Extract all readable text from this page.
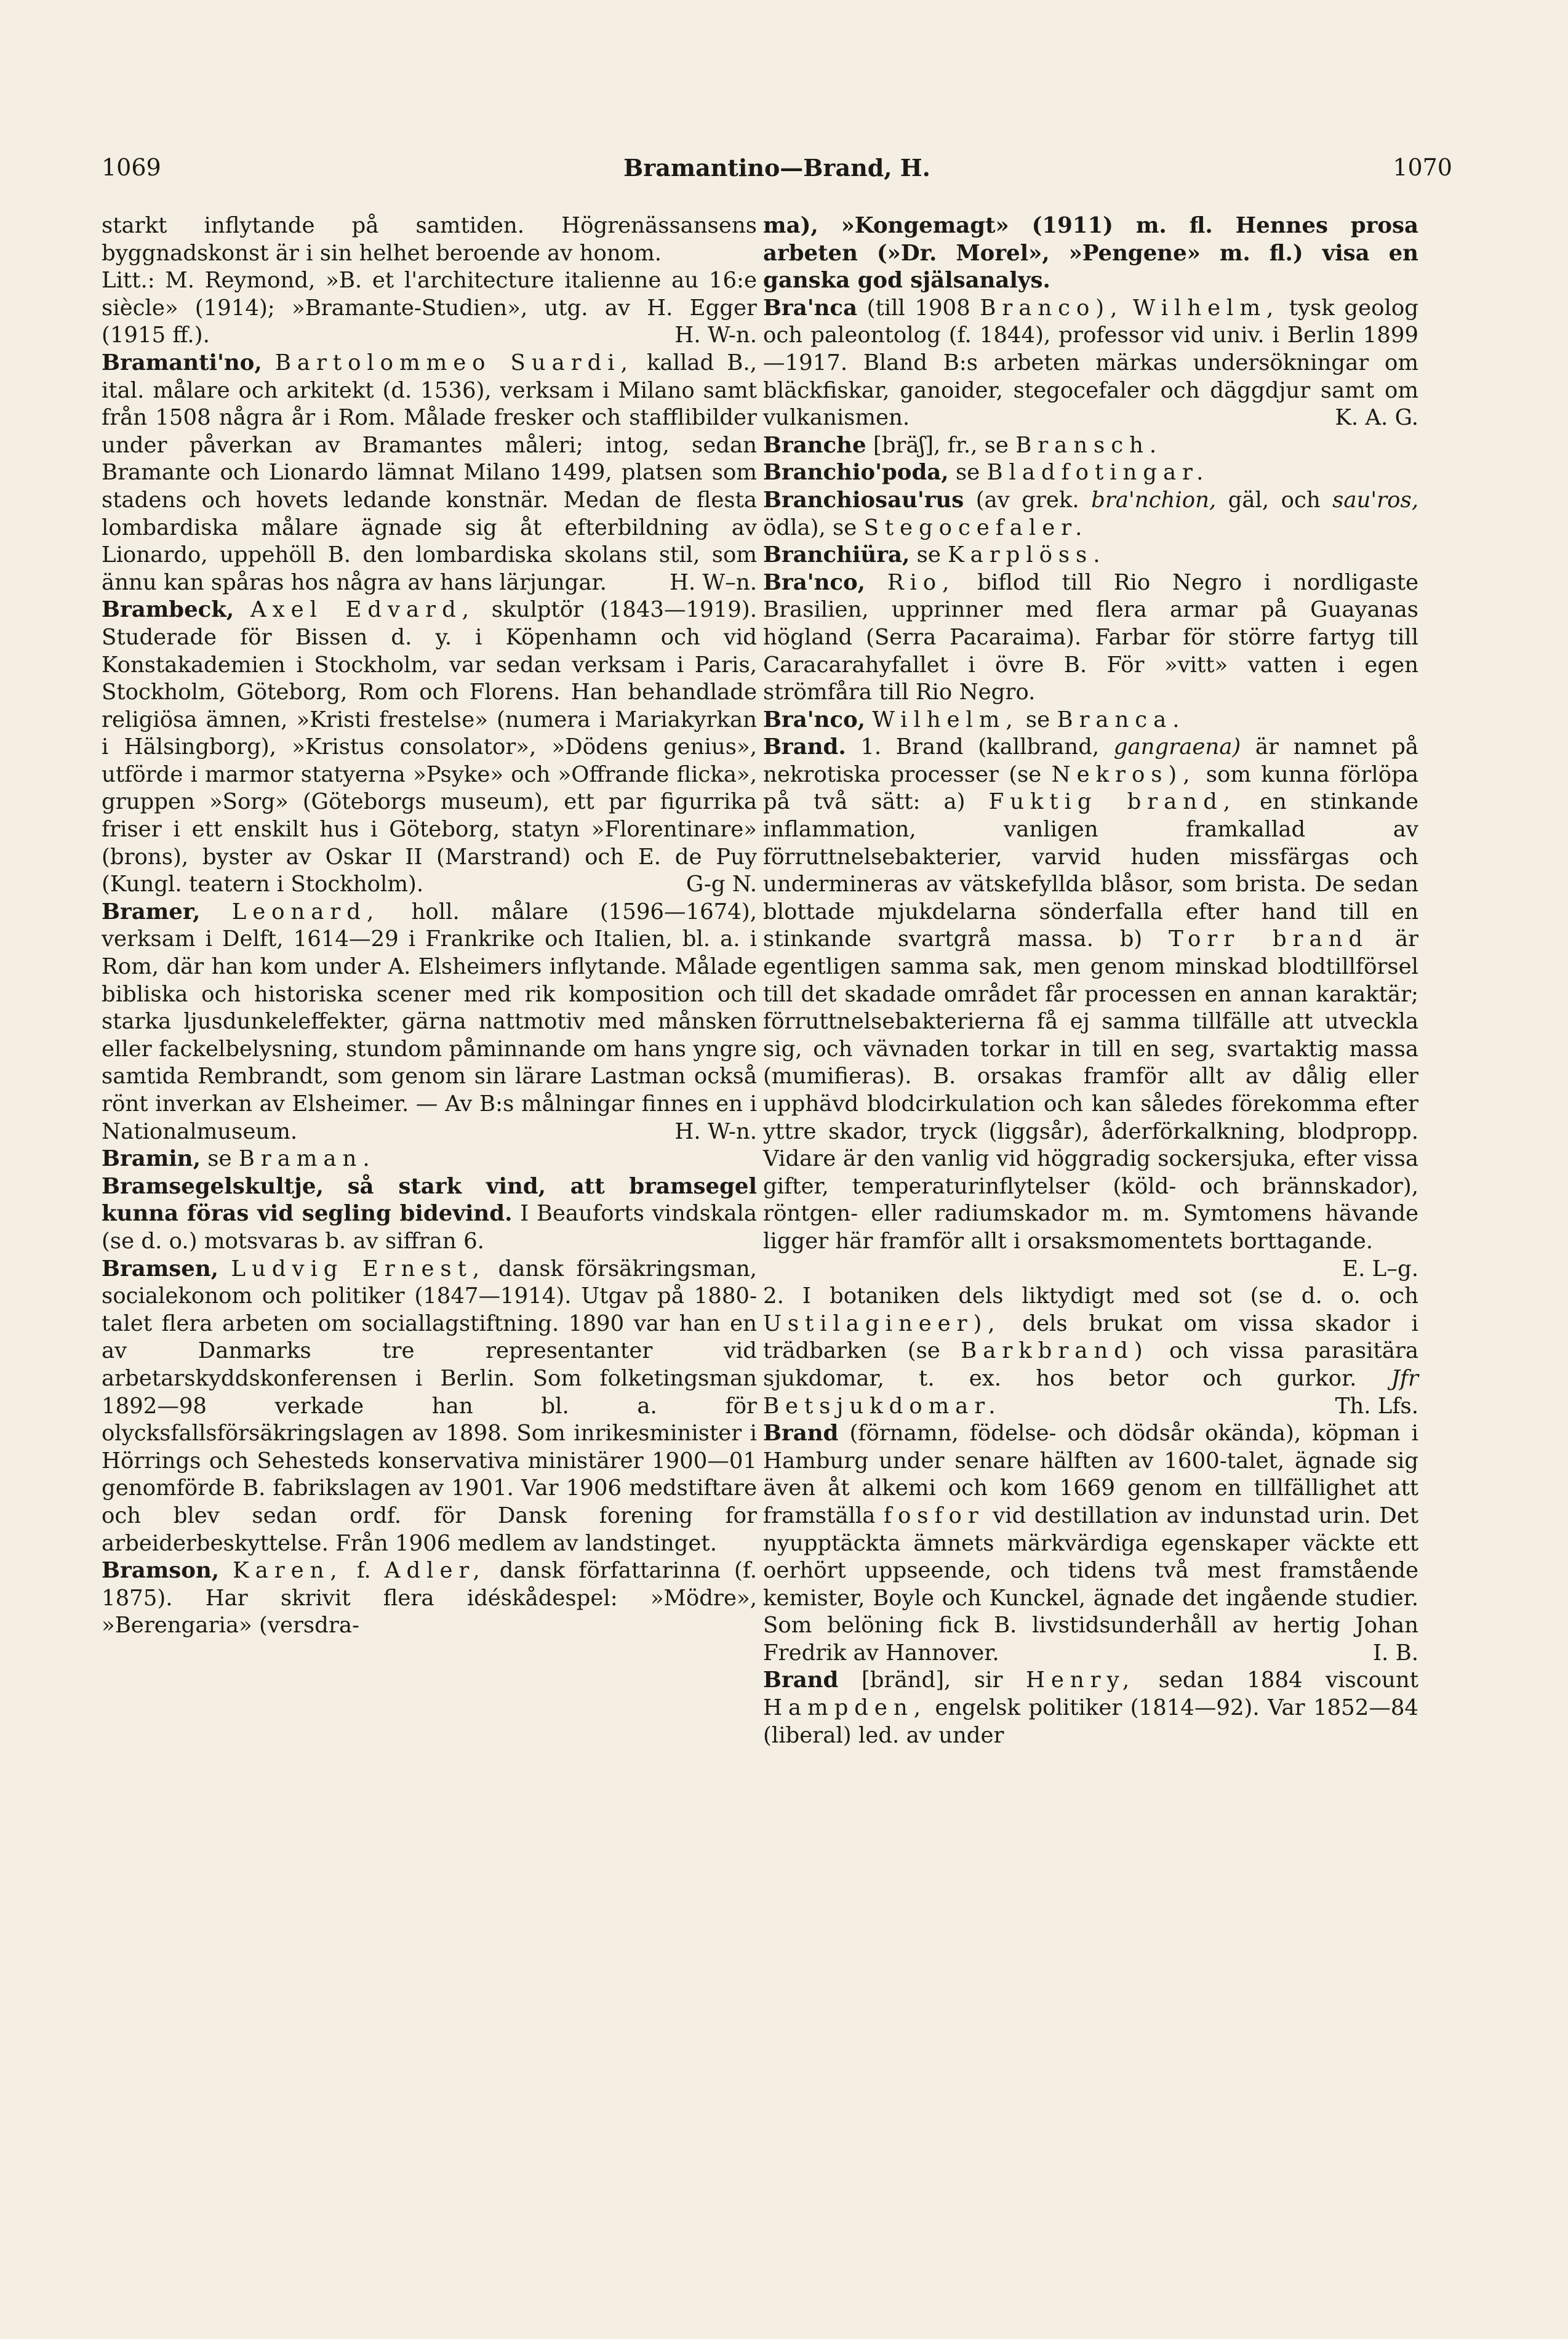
1069	Bramantino—Brand, H.	1070

starkt inflytande på samtiden. Högrenässansens byggnadskonst är i sin helhet beroende av honom.
Litt.: M. Reymond, »B. et l'architecture italienne au 16:e siècle» (1914); »Bramante-Studien», utg. av H. Egger (1915 ff.).	H. W-n.

Bramanti'no, Bartolommeo Suardi, kallad B., ital. målare och arkitekt (d. 1536), verksam i Milano samt från 1508 några år i Rom. Målade fresker och stafflibilder under påverkan av Bramantes måleri; intog, sedan Bramante och Lionardo lämnat Milano 1499, platsen som stadens och hovets ledande konstnär. Medan de flesta lombardiska målare ägnade sig åt efterbildning av Lionardo, uppehöll B. den lombardiska skolans stil, som ännu kan spåras hos några av hans lärjungar.	H. W–n.

Brambeck, Axel Edvard, skulptör (1843—1919). Studerade för Bissen d. y. i Köpenhamn och vid Konstakademien i Stockholm, var sedan verksam i Paris, Stockholm, Göteborg, Rom och Florens. Han behandlade religiösa ämnen, »Kristi frestelse» (numera i Mariakyrkan i Hälsingborg), »Kristus consolator», »Dödens genius», utförde i marmor statyerna »Psyke» och »Offrande flicka», gruppen »Sorg» (Göteborgs museum), ett par figurrika friser i ett enskilt hus i Göteborg, statyn »Florentinare» (brons), byster av Oskar II (Marstrand) och E. de Puy (Kungl. teatern i Stockholm).	G-g N.

Bramer, Leonard, holl. målare (1596—1674), verksam i Delft, 1614—29 i Frankrike och Italien, bl. a. i Rom, där han kom under A. Elsheimers inflytande. Målade bibliska och historiska scener med rik komposition och starka ljusdunkeleffekter, gärna nattmotiv med månsken eller fackelbelysning, stundom påminnande om hans yngre samtida Rembrandt, som genom sin lärare Lastman också rönt inverkan av Elsheimer. — Av B:s målningar finnes en i Nationalmuseum.	H. W-n.

Bramin, se Braman.

Bramsegelskultje, så stark vind, att bramsegel kunna föras vid segling bidevind. I Beauforts vindskala (se d. o.) motsvaras b. av siffran 6.

Bramsen, Ludvig Ernest, dansk försäkringsman, socialekonom och politiker (1847—1914). Utgav på 1880-talet flera arbeten om sociallagstiftning. 1890 var han en av Danmarks tre representanter vid arbetarskyddskonferensen i Berlin. Som folketingsman 1892—98 verkade han bl. a. för olycksfallsförsäkringslagen av 1898. Som inrikesminister i Hörrings och Sehesteds konservativa ministärer 1900—01 genomförde B. fabrikslagen av 1901. Var 1906 medstiftare och blev sedan ordf. för Dansk forening for arbeiderbeskyttelse. Från 1906 medlem av landstinget.

Bramson, Karen, f. Adler, dansk författarinna (f. 1875). Har skrivit flera idéskådespel: »Mödre», »Berengaria» (versdra-

ma), »Kongemagt» (1911) m. fl. Hennes prosa arbeten (»Dr. Morel», »Pengene» m. fl.) visa en ganska god själsanalys.

Bra'nca (till 1908 Branco), Wilhelm, tysk geolog och paleontolog (f. 1844), professor vid univ. i Berlin 1899—1917. Bland B:s arbeten märkas undersökningar om bläckfiskar, ganoider, stegocefaler och däggdjur samt om vulkanismen.	K. A. G.

Branche [bräʃ], fr., se Bransch.

Branchio'poda, se Bladfotingar.

Branchiosau'rus (av grek. bra'nchion, gäl, och sau'ros, ödla), se Stegocefaler.

Branchiüra, se Karplöss.

Bra'nco, Rio, biflod till Rio Negro i nordligaste Brasilien, upprinner med flera armar på Guayanas högland (Serra Pacaraima). Farbar för större fartyg till Caracarahyfallet i övre B. För »vitt» vatten i egen strömfåra till Rio Negro.

Bra'nco, Wilhelm, se Branca.

Brand. 1. Brand (kallbrand, gangraena) är namnet på nekrotiska processer (se Nekros), som kunna förlöpa på två sätt: a) Fuktig brand, en stinkande inflammation, vanligen framkallad av förruttnelsebakterier, varvid huden missfärgas och undermineras av vätskefyllda blåsor, som brista. De sedan blottade mjukdelarna sönderfalla efter hand till en stinkande svartgrå massa. b) Torr brand är egentligen samma sak, men genom minskad blodtillförsel till det skadade området får processen en annan karaktär; förruttnelsebakterierna få ej samma tillfälle att utveckla sig, och vävnaden torkar in till en seg, svartaktig massa (mumifieras). B. orsakas framför allt av dålig eller upphävd blodcirkulation och kan således förekomma efter yttre skador, tryck (liggsår), åderförkalkning, blodpropp. Vidare är den vanlig vid höggradig sockersjuka, efter vissa gifter, temperaturinflytelser (köld- och brännskador), röntgen- eller radiumskador m. m. Symtomens hävande ligger här framför allt i orsaksmomentets borttagande.
E. L–g.

2. I botaniken dels liktydigt med sot (se d. o. och Ustilagineer), dels brukat om vissa skador i trädbarken (se Barkbrand) och vissa parasitära sjukdomar, t. ex. hos betor och gurkor. Jfr Betsjukdomar.	Th. Lfs.

Brand (förnamn, födelse- och dödsår okända), köpman i Hamburg under senare hälften av 1600-talet, ägnade sig även åt alkemi och kom 1669 genom en tillfällighet att framställa fosfor vid destillation av indunstad urin. Det nyupptäckta ämnets märkvärdiga egenskaper väckte ett oerhört uppseende, och tidens två mest framstående kemister, Boyle och Kunckel, ägnade det ingående studier. Som belöning fick B. livstidsunderhåll av hertig Johan Fredrik av Hannover.	I. B.

Brand [bränd], sir Henry, sedan 1884 viscount Hampden, engelsk politiker (1814—92). Var 1852—84 (liberal) led. av under
